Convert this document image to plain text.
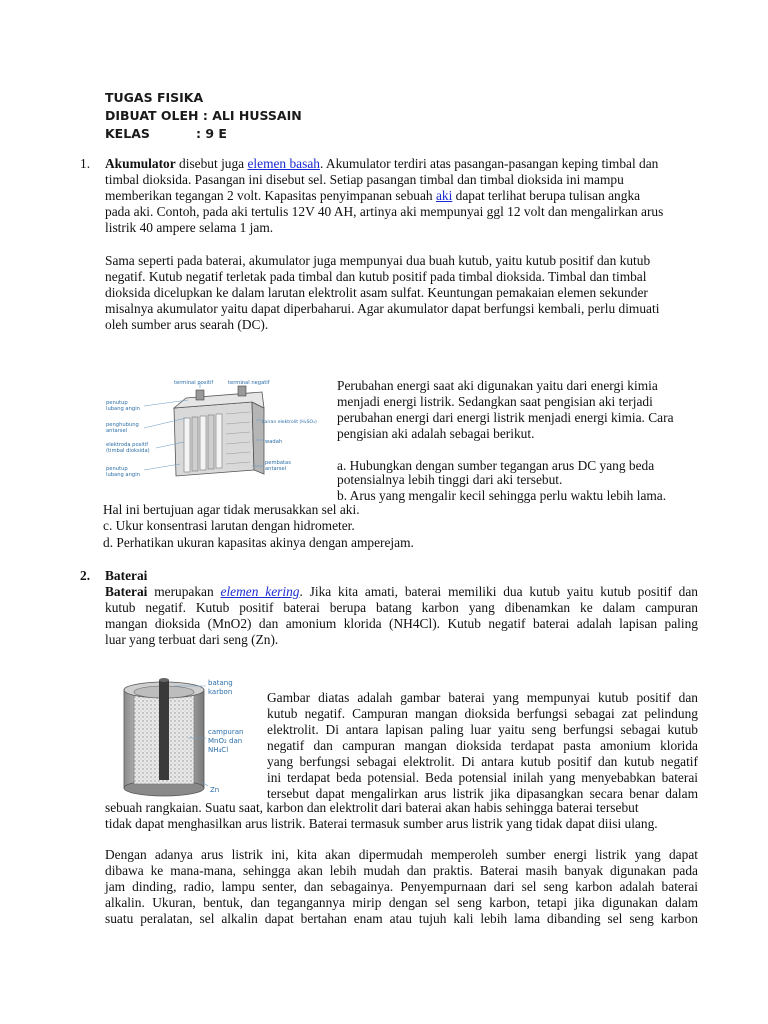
TUGAS FISIKA
DIBUAT OLEH : ALI HUSSAIN
KELAS	: 9 E
1. Akumulator disebut juga elemen basah. Akumulator terdiri atas pasangan-pasangan keping timbal dan
timbal dioksida. Pasangan ini disebut sel. Setiap pasangan timbal dan timbal dioksida ini mampu
memberikan tegangan 2 volt. Kapasitas penyimpanan sebuah aki dapat terlihat berupa tulisan angka
pada aki. Contoh, pada aki tertulis 12V 40 AH, artinya aki mempunyai ggl 12 volt dan mengalirkan arus
listrik 40 ampere selama 1 jam.
Sama seperti pada baterai, akumulator juga mempunyai dua buah kutub, yaitu kutub positif dan kutub
negatif. Kutub negatif terletak pada timbal dan kutub positif pada timbal dioksida. Timbal dan timbal
dioksida dicelupkan ke dalam larutan elektrolit asam sulfat. Keuntungan pemakaian elemen sekunder
misalnya akumulator yaitu dapat diperbaharui. Agar akumulator dapat berfungsi kembali, perlu dimuati
oleh sumber arus searah (DC).
terminal positif	terminal negatif
penutup
lubang angin
penghubung
antarsel
elektroda positif
(timbal dioksida)
penutup
lubang angin
cairan elektrolit (H₂SO₄)
wadah
pembatas
antarsel
Perubahan energi saat aki digunakan yaitu dari energi kimia
menjadi energi listrik. Sedangkan saat pengisian aki terjadi
perubahan energi dari energi listrik menjadi energi kimia. Cara
pengisian aki adalah sebagai berikut.
a. Hubungkan dengan sumber tegangan arus DC yang beda
potensialnya lebih tinggi dari aki tersebut.
b. Arus yang mengalir kecil sehingga perlu waktu lebih lama.
Hal ini bertujuan agar tidak merusakkan sel aki.
c. Ukur konsentrasi larutan dengan hidrometer.
d. Perhatikan ukuran kapasitas akinya dengan amperejam.
2. Baterai
Baterai merupakan elemen kering. Jika kita amati, baterai memiliki dua kutub yaitu kutub positif dan
kutub negatif. Kutub positif baterai berupa batang karbon yang dibenamkan ke dalam campuran
mangan dioksida (MnO2) dan amonium klorida (NH4Cl). Kutub negatif baterai adalah lapisan paling
luar yang terbuat dari seng (Zn).
batang
karbon
campuran
MnO₂ dan
NH₄Cl
Zn
Gambar diatas adalah gambar baterai yang mempunyai kutub positif dan
kutub negatif. Campuran mangan dioksida berfungsi sebagai zat pelindung
elektrolit. Di antara lapisan paling luar yaitu seng berfungsi sebagai kutub
negatif dan campuran mangan dioksida terdapat pasta amonium klorida
yang berfungsi sebagai elektrolit. Di antara kutub positif dan kutub negatif
ini terdapat beda potensial. Beda potensial inilah yang menyebabkan baterai
tersebut dapat mengalirkan arus listrik jika dipasangkan secara benar dalam
sebuah rangkaian. Suatu saat, karbon dan elektrolit dari baterai akan habis sehingga baterai tersebut
tidak dapat menghasilkan arus listrik. Baterai termasuk sumber arus listrik yang tidak dapat diisi ulang.
Dengan adanya arus listrik ini, kita akan dipermudah memperoleh sumber energi listrik yang dapat
dibawa ke mana-mana, sehingga akan lebih mudah dan praktis. Baterai masih banyak digunakan pada
jam dinding, radio, lampu senter, dan sebagainya. Penyempurnaan dari sel seng karbon adalah baterai
alkalin. Ukuran, bentuk, dan tegangannya mirip dengan sel seng karbon, tetapi jika digunakan dalam
suatu peralatan, sel alkalin dapat bertahan enam atau tujuh kali lebih lama dibanding sel seng karbon
